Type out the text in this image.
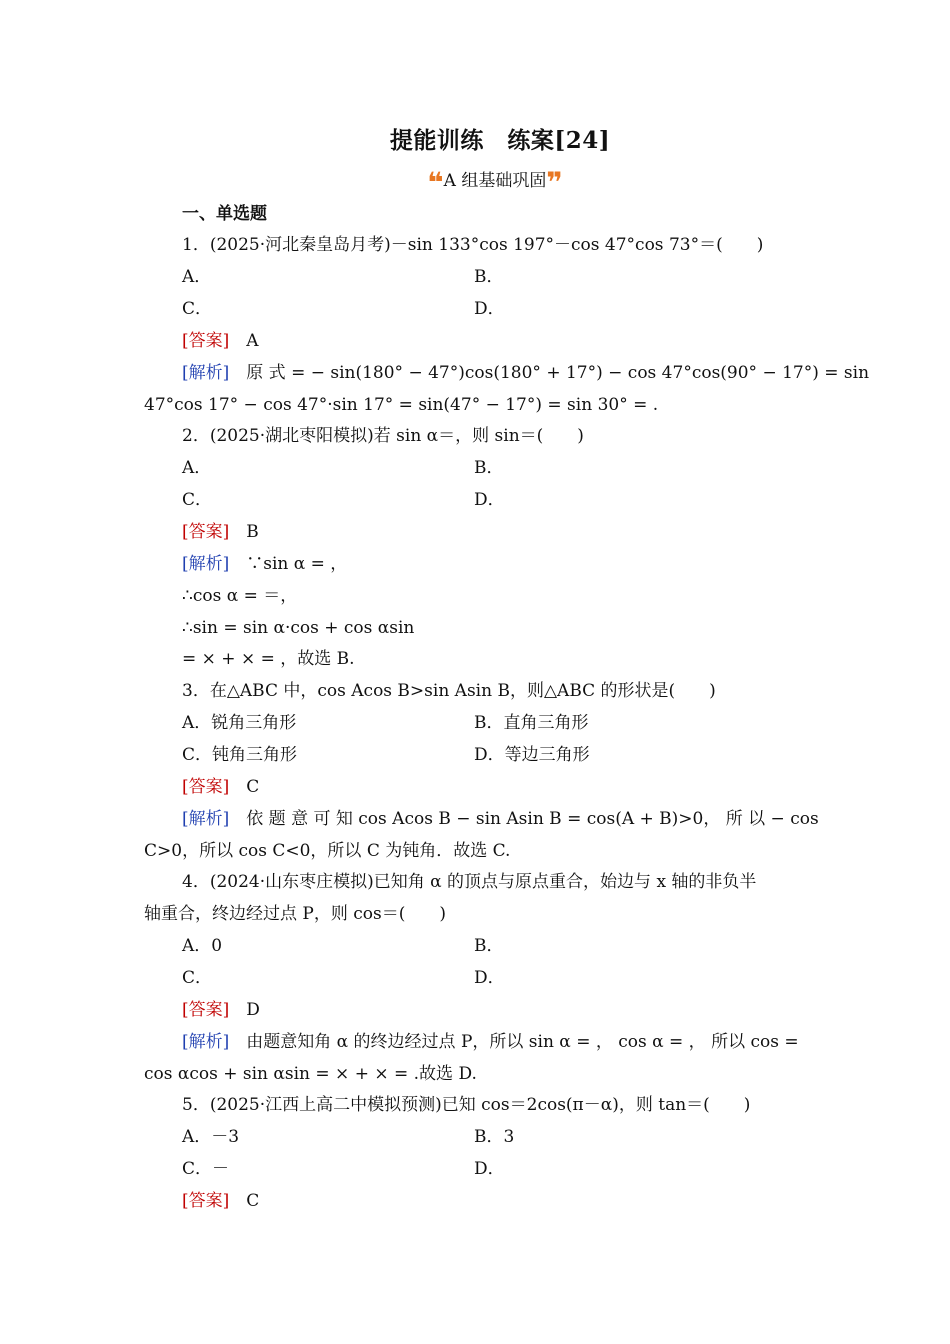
提能训练　练案[24]
❝A 组基础巩固❞
一、单选题
1．(2025·河北秦皇岛月考)－sin 133°cos 197°－cos 47°cos 73°＝(　　)
A．	B．
C．	D．
[答案]　 A
[解析]　 原 式 = − sin(180° − 47°)cos(180° + 17°) − cos 47°cos(90° − 17°) = sin
47°cos 17° − cos 47°·sin 17° = sin(47° − 17°) = sin 30° = .
2．(2025·湖北枣阳模拟)若 sin α＝，则 sin＝(　　)
A．	B．
C．	D．
[答案]　 B
[解析]　 ∵sin α = ，
∴cos α = ＝，
∴sin = sin α·cos + cos αsin
= × + × = ，故选 B.
3．在△ABC 中，cos Acos B>sin Asin B，则△ABC 的形状是(　　)
A．锐角三角形	B．直角三角形
C．钝角三角形	D．等边三角形
[答案]　 C
[解析]　 依 题 意 可 知 cos Acos B − sin Asin B = cos(A + B)>0， 所 以 − cos
C>0，所以 cos C<0，所以 C 为钝角．故选 C.
4．(2024·山东枣庄模拟)已知角 α 的顶点与原点重合，始边与 x 轴的非负半
轴重合，终边经过点 P，则 cos＝(　　)
A．0	B．
C．	D．
[答案]　 D
[解析]　 由题意知角 α 的终边经过点 P，所以 sin α = ， cos α = ， 所以 cos =
cos αcos + sin αsin = × + × = .故选 D.
5．(2025·江西上高二中模拟预测)已知 cos＝2cos(π－α)，则 tan＝(　　)
A．－3	B．3
C．－	D．
[答案]　 C
